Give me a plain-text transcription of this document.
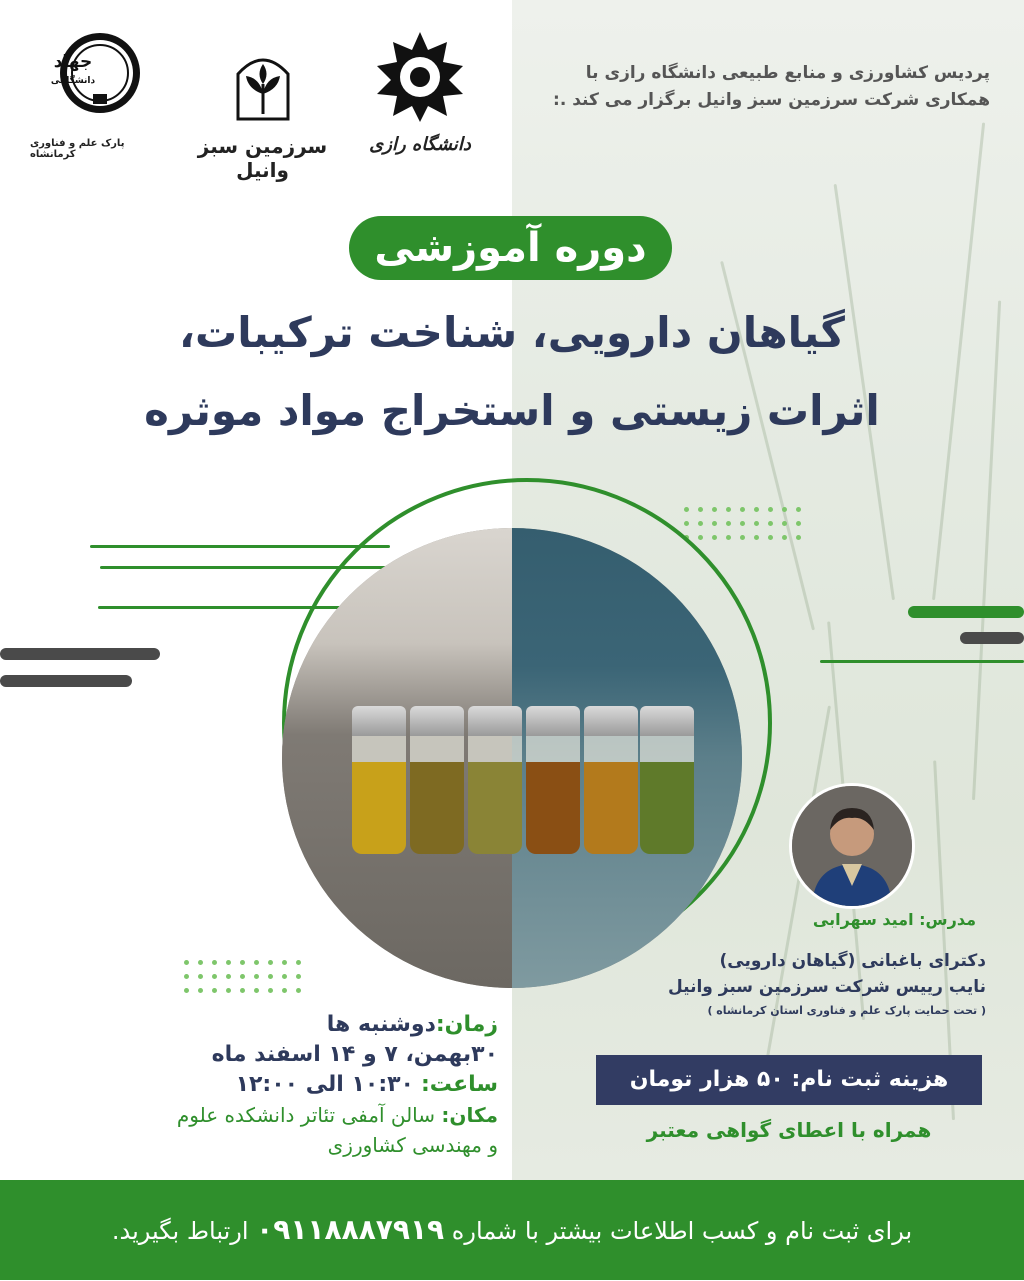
جهاد
دانشگاهی
پارک علم و فناوری کرمانشاه	سرزمین سبز وانیل
دانشگاه رازی
پردیس کشاورزی و منابع طبیعی دانشگاه رازی با
همکاری شرکت سرزمین سبز وانیل برگزار می کند .:
دوره آموزشی
گیاهان دارویی، شناخت ترکیبات،
اثرات زیستی و استخراج مواد موثره
مدرس: امید سهرابی
دکترای باغبانی (گیاهان دارویی)
نایب رییس شرکت سرزمین سبز وانیل
( تحت حمایت پارک علم و فناوری استان کرمانشاه )
زمان:دوشنبه ها
۳۰بهمن، ۷ و ۱۴ اسفند ماه
ساعت: ۱۰:۳۰ الی ۱۲:۰۰
مکان: سالن آمفی تئاتر دانشکده علوم
و مهندسی کشاورزی
هزینه ثبت نام: ۵۰ هزار تومان
همراه با اعطای گواهی معتبر
برای ثبت نام و کسب اطلاعات بیشتر با شماره ۰۹۱۱۸۸۸۷۹۱۹ ارتباط بگیرید.
